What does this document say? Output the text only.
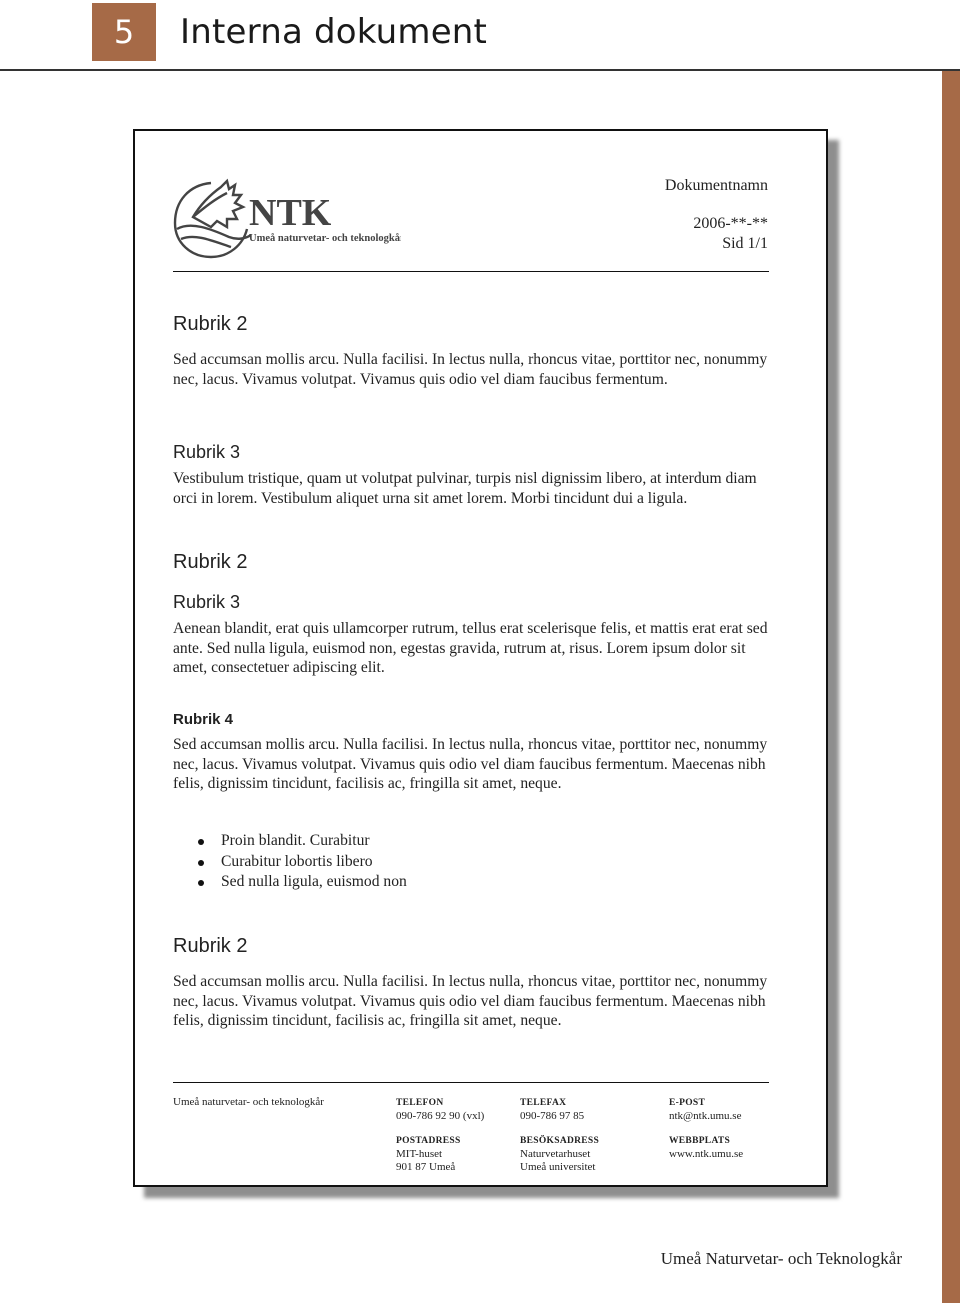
5	Interna dokument
NTK
Umeå naturvetar- och teknologkår
Dokumentnamn
2006-**-**
Sid 1/1
Rubrik 2
Sed accumsan mollis arcu. Nulla facilisi. In lectus nulla, rhoncus vitae, porttitor nec, nonummy nec, lacus. Vivamus volutpat. Vivamus quis odio vel diam faucibus fermentum.
Rubrik 3
Vestibulum tristique, quam ut volutpat pulvinar, turpis nisl dignissim libero, at interdum diam orci in lorem. Vestibulum aliquet urna sit amet lorem. Morbi tincidunt dui a ligula.
Rubrik 2
Rubrik 3
Aenean blandit, erat quis ullamcorper rutrum, tellus erat scelerisque felis, et mattis erat erat sed ante. Sed nulla ligula, euismod non, egestas gravida, rutrum at, risus. Lorem ipsum dolor sit amet, consectetuer adipiscing elit.
Rubrik 4
Sed accumsan mollis arcu. Nulla facilisi. In lectus nulla, rhoncus vitae, porttitor nec, nonummy nec, lacus. Vivamus volutpat. Vivamus quis odio vel diam faucibus fermentum. Maecenas nibh felis, dignissim tincidunt, facilisis ac, fringilla sit amet, neque.
Proin blandit. Curabitur
Curabitur lobortis libero
Sed nulla ligula, euismod non
Rubrik 2
Sed accumsan mollis arcu. Nulla facilisi. In lectus nulla, rhoncus vitae, porttitor nec, nonummy nec, lacus. Vivamus volutpat. Vivamus quis odio vel diam faucibus fermentum. Maecenas nibh felis, dignissim tincidunt, facilisis ac, fringilla sit amet, neque.
Umeå naturvetar- och teknologkår	TELEFON
090-786 92 90 (vxl)
TELEFAX
090-786 97 85
E-POST
ntk@ntk.umu.se
POSTADRESS
MIT-huset
901 87 Umeå
BESÖKSADRESS
Naturvetarhuset
Umeå universitet
WEBBPLATS
www.ntk.umu.se
Umeå Naturvetar- och Teknologkår
